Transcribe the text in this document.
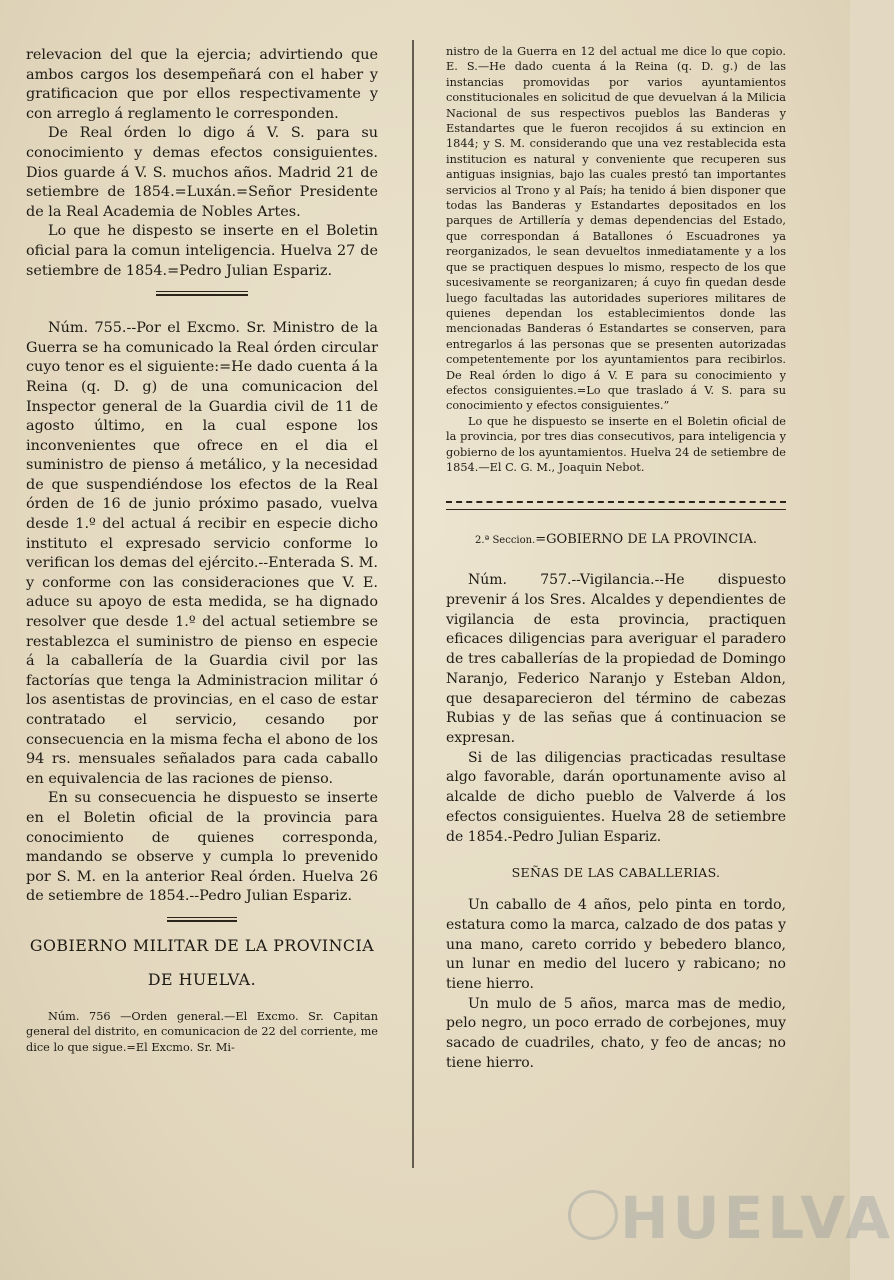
relevacion del que la ejercia; advirtiendo que ambos cargos los desempeñará con el haber y gratificacion que por ellos respectivamente y con arreglo á reglamento le corresponden.

De Real órden lo digo á V. S. para su conocimiento y demas efectos consiguientes. Dios guarde á V. S. muchos años. Madrid 21 de setiembre de 1854.=Luxán.=Señor Presidente de la Real Academia de Nobles Artes.

Lo que he dispesto se inserte en el Boletin oficial para la comun inteligencia. Huelva 27 de setiembre de 1854.=Pedro Julian Espariz.

Núm. 755.--Por el Excmo. Sr. Ministro de la Guerra se ha comunicado la Real órden circular cuyo tenor es el siguiente:=He dado cuenta á la Reina (q. D. g) de una comunicacion del Inspector general de la Guardia civil de 11 de agosto último, en la cual espone los inconvenientes que ofrece en el dia el suministro de pienso á metálico, y la necesidad de que suspendiéndose los efectos de la Real órden de 16 de junio próximo pasado, vuelva desde 1.º del actual á recibir en especie dicho instituto el expresado servicio conforme lo verifican los demas del ejército.--Enterada S. M. y conforme con las consideraciones que V. E. aduce su apoyo de esta medida, se ha dignado resolver que desde 1.º del actual setiembre se restablezca el suministro de pienso en especie á la caballería de la Guardia civil por las factorías que tenga la Administracion militar ó los asentistas de provincias, en el caso de estar contratado el servicio, cesando por consecuencia en la misma fecha el abono de los 94 rs. mensuales señalados para cada caballo en equivalencia de las raciones de pienso.

En su consecuencia he dispuesto se inserte en el Boletin oficial de la provincia para conocimiento de quienes corresponda, mandando se observe y cumpla lo prevenido por S. M. en la anterior Real órden. Huelva 26 de setiembre de 1854.--Pedro Julian Espariz.

GOBIERNO MILITAR DE LA PROVINCIA DE HUELVA.

Núm. 756 —Orden general.—El Excmo. Sr. Capitan general del distrito, en comunicacion de 22 del corriente, me dice lo que sigue.=El Excmo. Sr. Mi-

nistro de la Guerra en 12 del actual me dice lo que copio. E. S.—He dado cuenta á la Reina (q. D. g.) de las instancias promovidas por varios ayuntamientos constitucionales en solicitud de que devuelvan á la Milicia Nacional de sus respectivos pueblos las Banderas y Estandartes que le fueron recojidos á su extincion en 1844; y S. M. considerando que una vez restablecida esta institucion es natural y conveniente que recuperen sus antiguas insignias, bajo las cuales prestó tan importantes servicios al Trono y al País; ha tenido á bien disponer que todas las Banderas y Estandartes depositados en los parques de Artillería y demas dependencias del Estado, que correspondan á Batallones ó Escuadrones ya reorganizados, le sean devueltos inmediatamente y a los que se practiquen despues lo mismo, respecto de los que sucesivamente se reorganizaren; á cuyo fin quedan desde luego facultadas las autoridades superiores militares de quienes dependan los establecimientos donde las mencionadas Banderas ó Estandartes se conserven, para entregarlos á las personas que se presenten autorizadas competentemente por los ayuntamientos para recibirlos. De Real órden lo digo á V. E para su conocimiento y efectos consiguientes.=Lo que traslado á V. S. para su conocimiento y efectos consiguientes.”

Lo que he dispuesto se inserte en el Boletin oficial de la provincia, por tres dias consecutivos, para inteligencia y gobierno de los ayuntamientos. Huelva 24 de setiembre de 1854.—El C. G. M., Joaquin Nebot.

2.ª Seccion.=GOBIERNO DE LA PROVINCIA.

Núm. 757.--Vigilancia.--He dispuesto prevenir á los Sres. Alcaldes y dependientes de vigilancia de esta provincia, practiquen eficaces diligencias para averiguar el paradero de tres caballerías de la propiedad de Domingo Naranjo, Federico Naranjo y Esteban Aldon, que desaparecieron del término de cabezas Rubias y de las señas que á continuacion se expresan.

Si de las diligencias practicadas resultase algo favorable, darán oportunamente aviso al alcalde de dicho pueblo de Valverde á los efectos consiguientes. Huelva 28 de setiembre de 1854.-Pedro Julian Espariz.

SEÑAS DE LAS CABALLERIAS.

Un caballo de 4 años, pelo pinta en tordo, estatura como la marca, calzado de dos patas y una mano, careto corrido y bebedero blanco, un lunar en medio del lucero y rabicano; no tiene hierro.

Un mulo de 5 años, marca mas de medio, pelo negro, un poco errado de corbejones, muy sacado de cuadriles, chato, y feo de ancas; no tiene hierro.

HUELVA
